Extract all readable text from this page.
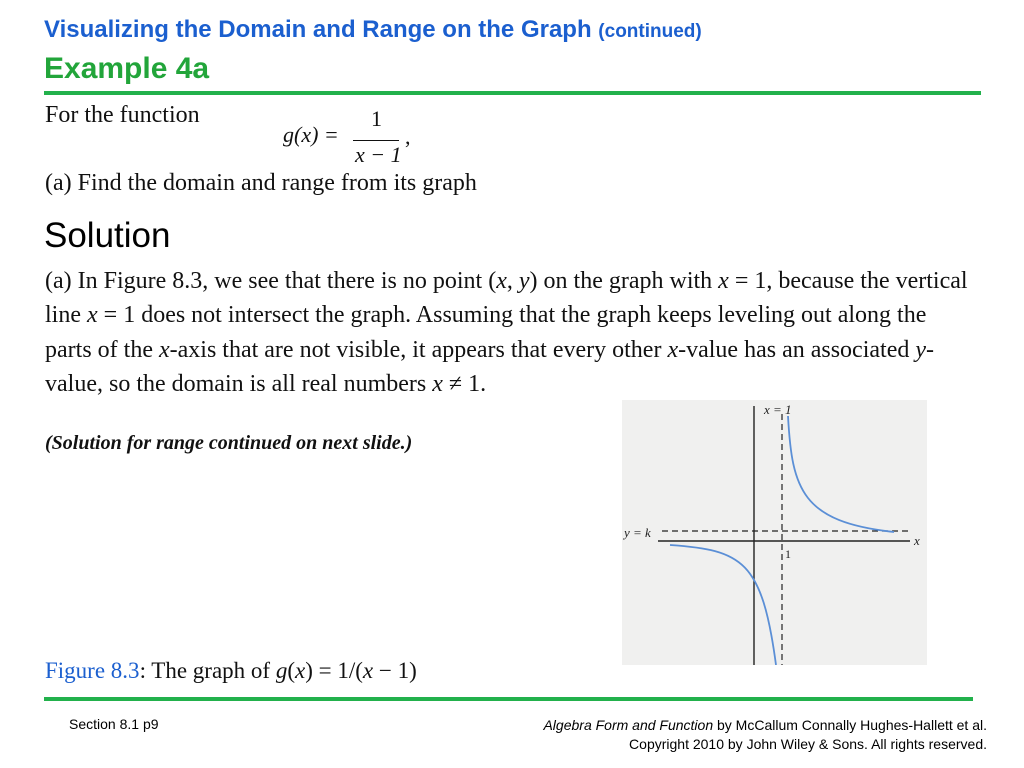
Visualizing the Domain and Range on the Graph (continued)
Example 4a
For the function
g(x) =
1
x − 1
,
(a) Find the domain and range from its graph
Solution
(a) In Figure 8.3, we see that there is no point (x, y) on the graph with x = 1, because the vertical line x = 1 does not intersect the graph. Assuming that the graph keeps leveling out along the parts of the x-axis that are not visible, it appears that every other x-value has an associated y-value, so the domain is all real numbers x ≠ 1.
(Solution for range continued on next slide.)
x = 1
y = k
x
1
Figure 8.3: The graph of g(x) = 1/(x − 1)
Section 8.1 p9	Algebra Form and Function by McCallum Connally Hughes-Hallett et al.
Copyright 2010 by John Wiley & Sons. All rights reserved.
